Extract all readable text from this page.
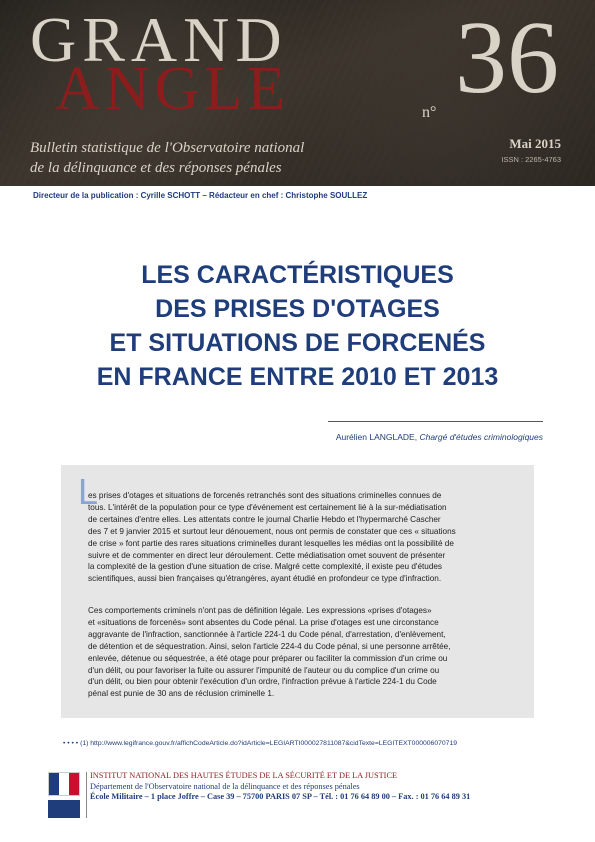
GRAND
ANGLE	n° 36
Bulletin statistique de l'Observatoire national
de la délinquance et des réponses pénales
Mai 2015
ISSN : 2265-4763
Directeur de la publication : Cyrille SCHOTT – Rédacteur en chef : Christophe SOULLEZ
LES CARACTÉRISTIQUES
DES PRISES D'OTAGES
ET SITUATIONS DE FORCENÉS
EN FRANCE ENTRE 2010 ET 2013
Aurélien LANGLADE, Chargé d'études criminologiques
L
es prises d'otages et situations de forcenés retranchés sont des situations criminelles connues de
tous. L'intérêt de la population pour ce type d'événement est certainement lié à la sur-médiatisation
de certaines d'entre elles. Les attentats contre le journal Charlie Hebdo et l'hypermarché Cascher
des 7 et 9 janvier 2015 et surtout leur dénouement, nous ont permis de constater que ces « situations
de crise » font partie des rares situations criminelles durant lesquelles les médias ont la possibilité de
suivre et de commenter en direct leur déroulement. Cette médiatisation omet souvent de présenter
la complexité de la gestion d'une situation de crise. Malgré cette complexité, il existe peu d'études
scientifiques, aussi bien françaises qu'étrangères, ayant étudié en profondeur ce type d'infraction.
Ces comportements criminels n'ont pas de définition légale. Les expressions «prises d'otages»
et «situations de forcenés» sont absentes du Code pénal. La prise d'otages est une circonstance
aggravante de l'infraction, sanctionnée à l'article 224-1 du Code pénal, d'arrestation, d'enlèvement,
de détention et de séquestration. Ainsi, selon l'article 224-4 du Code pénal, si une personne arrêtée,
enlevée, détenue ou séquestrée, a été otage pour préparer ou faciliter la commission d'un crime ou
d'un délit, ou pour favoriser la fuite ou assurer l'impunité de l'auteur ou du complice d'un crime ou
d'un délit, ou bien pour obtenir l'exécution d'un ordre, l'infraction prévue à l'article 224-1 du Code
pénal est punie de 30 ans de réclusion criminelle 1.
• • • • (1) http://www.legifrance.gouv.fr/affichCodeArticle.do?idArticle=LEGIARTI000027811087&cidTexte=LEGITEXT000006070719
INSTITUT NATIONAL DES HAUTES ÉTUDES DE LA SÉCURITÉ ET DE LA JUSTICE
Département de l'Observatoire national de la délinquance et des réponses pénales
École Militaire – 1 place Joffre – Case 39 – 75700 PARIS 07 SP – Tél. : 01 76 64 89 00 – Fax. : 01 76 64 89 31
